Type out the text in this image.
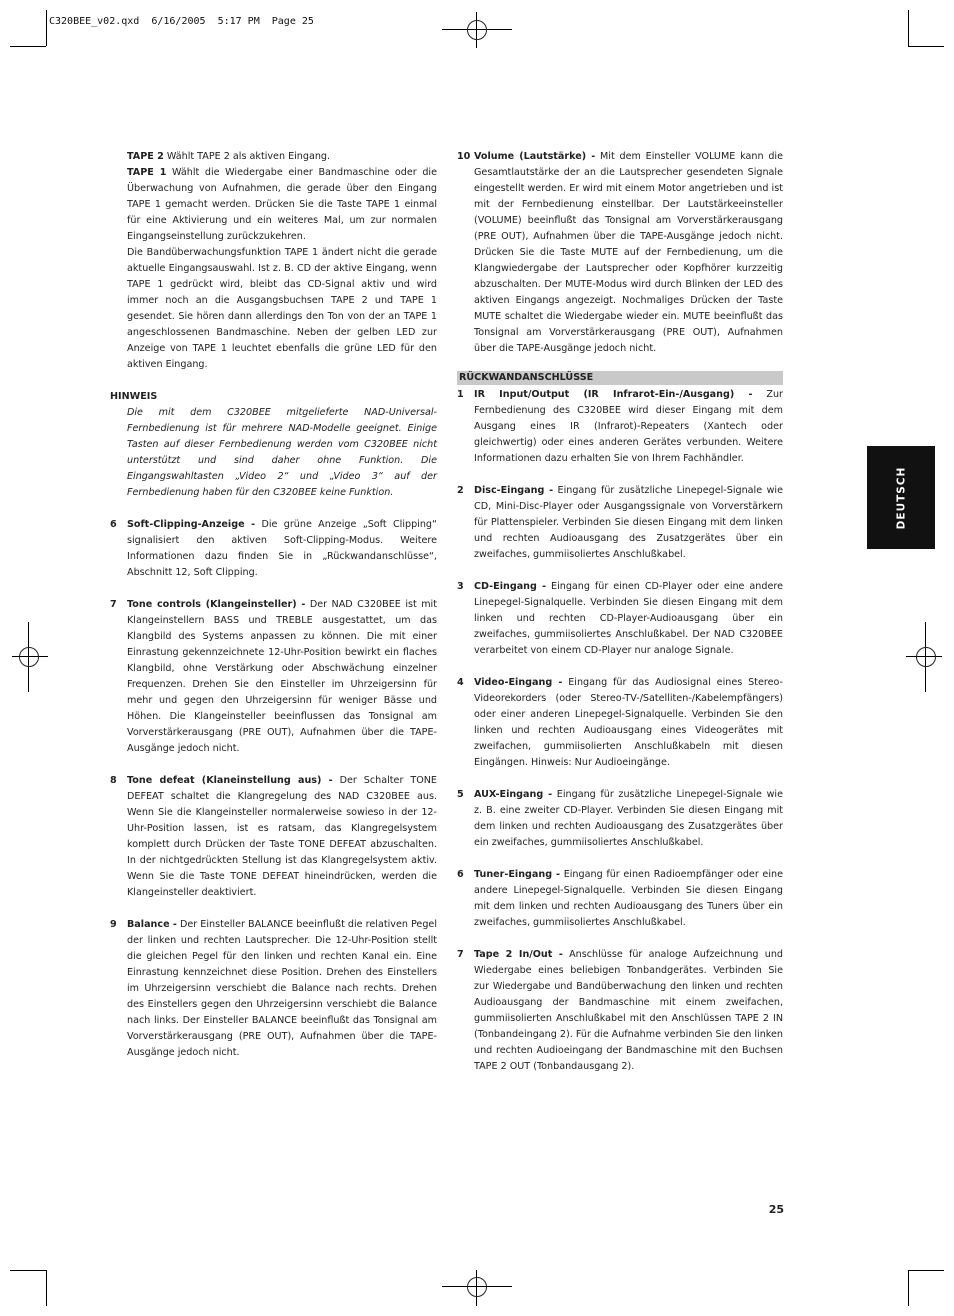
C320BEE_v02.qxd  6/16/2005  5:17 PM  Page 25

TAPE 2 Wählt TAPE 2 als aktiven Eingang.

TAPE 1 Wählt die Wiedergabe einer Bandmaschine oder die Überwachung von Aufnahmen, die gerade über den Eingang TAPE 1 gemacht werden. Drücken Sie die Taste TAPE 1 einmal für eine Aktivierung und ein weiteres Mal, um zur normalen Eingangseinstellung zurückzukehren.

Die Bandüberwachungsfunktion TAPE 1 ändert nicht die gerade aktuelle Eingangsauswahl. Ist z. B. CD der aktive Eingang, wenn TAPE 1 gedrückt wird, bleibt das CD-Signal aktiv und wird immer noch an die Ausgangsbuchsen TAPE 2 und TAPE 1 gesendet. Sie hören dann allerdings den Ton von der an TAPE 1 angeschlossenen Bandmaschine. Neben der gelben LED zur Anzeige von TAPE 1 leuchtet ebenfalls die grüne LED für den aktiven Eingang.

HINWEIS

Die mit dem C320BEE mitgelieferte NAD-Universal-Fernbedienung ist für mehrere NAD-Modelle geeignet. Einige Tasten auf dieser Fernbedienung werden vom C320BEE nicht unterstützt und sind daher ohne Funktion. Die Eingangswahltasten „Video 2“ und „Video 3“ auf der Fernbedienung haben für den C320BEE keine Funktion.

6 Soft-Clipping-Anzeige - Die grüne Anzeige „Soft Clipping“ signalisiert den aktiven Soft-Clipping-Modus. Weitere Informationen dazu finden Sie in „Rückwandanschlüsse“, Abschnitt 12, Soft Clipping.
7 Tone controls (Klangeinsteller) - Der NAD C320BEE ist mit Klangeinstellern BASS und TREBLE ausgestattet, um das Klangbild des Systems anpassen zu können. Die mit einer Einrastung gekennzeichnete 12-Uhr-Position bewirkt ein flaches Klangbild, ohne Verstärkung oder Abschwächung einzelner Frequenzen. Drehen Sie den Einsteller im Uhrzeigersinn für mehr und gegen den Uhrzeigersinn für weniger Bässe und Höhen. Die Klangeinsteller beeinflussen das Tonsignal am Vorverstärkerausgang (PRE OUT), Aufnahmen über die TAPE-Ausgänge jedoch nicht.
8 Tone defeat (Klaneinstellung aus) - Der Schalter TONE DEFEAT schaltet die Klangregelung des NAD C320BEE aus. Wenn Sie die Klangeinsteller normalerweise sowieso in der 12-Uhr-Position lassen, ist es ratsam, das Klangregelsystem komplett durch Drücken der Taste TONE DEFEAT abzuschalten. In der nichtgedrückten Stellung ist das Klangregelsystem aktiv. Wenn Sie die Taste TONE DEFEAT hineindrücken, werden die Klangeinsteller deaktiviert.
9 Balance - Der Einsteller BALANCE beeinflußt die relativen Pegel der linken und rechten Lautsprecher. Die 12-Uhr-Position stellt die gleichen Pegel für den linken und rechten Kanal ein. Eine Einrastung kennzeichnet diese Position. Drehen des Einstellers im Uhrzeigersinn verschiebt die Balance nach rechts. Drehen des Einstellers gegen den Uhrzeigersinn verschiebt die Balance nach links. Der Einsteller BALANCE beeinflußt das Tonsignal am Vorverstärkerausgang (PRE OUT), Aufnahmen über die TAPE-Ausgänge jedoch nicht.
10 Volume (Lautstärke) - Mit dem Einsteller VOLUME kann die Gesamtlautstärke der an die Lautsprecher gesendeten Signale eingestellt werden. Er wird mit einem Motor angetrieben und ist mit der Fernbedienung einstellbar. Der Lautstärkeeinsteller (VOLUME) beeinflußt das Tonsignal am Vorverstärkerausgang (PRE OUT), Aufnahmen über die TAPE-Ausgänge jedoch nicht. Drücken Sie die Taste MUTE auf der Fernbedienung, um die Klangwiedergabe der Lautsprecher oder Kopfhörer kurzzeitig abzuschalten. Der MUTE-Modus wird durch Blinken der LED des aktiven Eingangs angezeigt. Nochmaliges Drücken der Taste MUTE schaltet die Wiedergabe wieder ein. MUTE beeinflußt das Tonsignal am Vorverstärkerausgang (PRE OUT), Aufnahmen über die TAPE-Ausgänge jedoch nicht.
RÜCKWANDANSCHLÜSSE
1 IR Input/Output (IR Infrarot-Ein-/Ausgang) - Zur Fernbedienung des C320BEE wird dieser Eingang mit dem Ausgang eines IR (Infrarot)-Repeaters (Xantech oder gleichwertig) oder eines anderen Gerätes verbunden. Weitere Informationen dazu erhalten Sie von Ihrem Fachhändler.
2 Disc-Eingang - Eingang für zusätzliche Linepegel-Signale wie CD, Mini-Disc-Player oder Ausgangssignale von Vorverstärkern für Plattenspieler. Verbinden Sie diesen Eingang mit dem linken und rechten Audioausgang des Zusatzgerätes über ein zweifaches, gummiisoliertes Anschlußkabel.
3 CD-Eingang - Eingang für einen CD-Player oder eine andere Linepegel-Signalquelle. Verbinden Sie diesen Eingang mit dem linken und rechten CD-Player-Audioausgang über ein zweifaches, gummiisoliertes Anschlußkabel. Der NAD C320BEE verarbeitet von einem CD-Player nur analoge Signale.
4 Video-Eingang - Eingang für das Audiosignal eines Stereo-Videorekorders (oder Stereo-TV-/Satelliten-/Kabelempfängers) oder einer anderen Linepegel-Signalquelle. Verbinden Sie den linken und rechten Audioausgang eines Videogerätes mit zweifachen, gummiisolierten Anschlußkabeln mit diesen Eingängen. Hinweis: Nur Audioeingänge.
5 AUX-Eingang - Eingang für zusätzliche Linepegel-Signale wie z. B. eine zweiter CD-Player. Verbinden Sie diesen Eingang mit dem linken und rechten Audioausgang des Zusatzgerätes über ein zweifaches, gummiisoliertes Anschlußkabel.
6 Tuner-Eingang - Eingang für einen Radioempfänger oder eine andere Linepegel-Signalquelle. Verbinden Sie diesen Eingang mit dem linken und rechten Audioausgang des Tuners über ein zweifaches, gummiisoliertes Anschlußkabel.
7 Tape 2 In/Out - Anschlüsse für analoge Aufzeichnung und Wiedergabe eines beliebigen Tonbandgerätes. Verbinden Sie zur Wiedergabe und Bandüberwachung den linken und rechten Audioausgang der Bandmaschine mit einem zweifachen, gummiisolierten Anschlußkabel mit den Anschlüssen TAPE 2 IN (Tonbandeingang 2). Für die Aufnahme verbinden Sie den linken und rechten Audioeingang der Bandmaschine mit den Buchsen TAPE 2 OUT (Tonbandausgang 2).
DEUTSCH
25
